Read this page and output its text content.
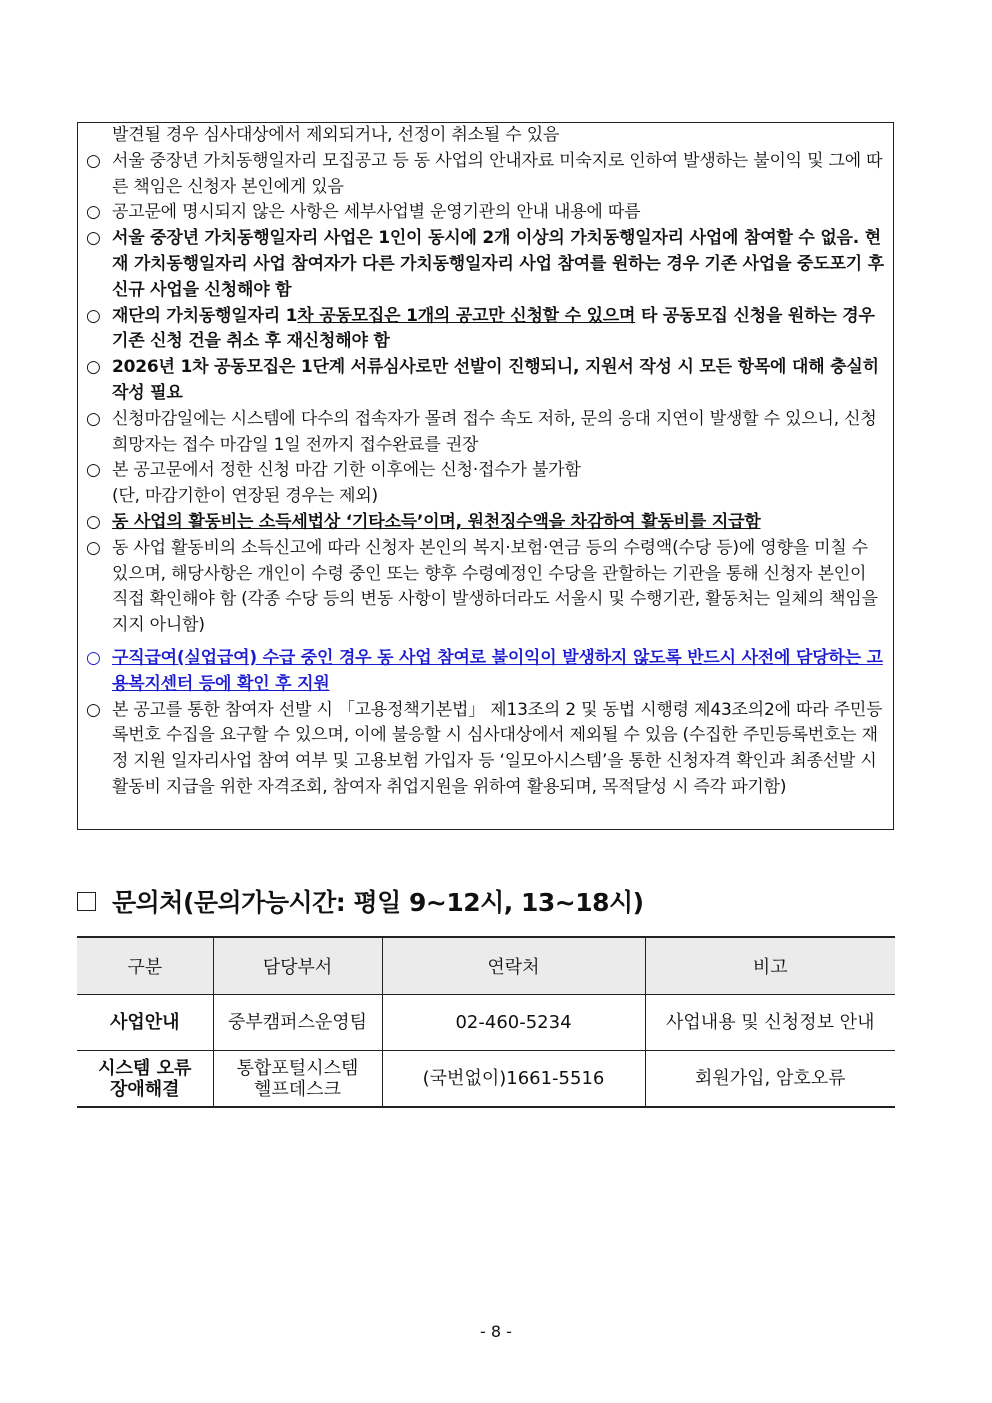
발견될 경우 심사대상에서 제외되거나, 선정이 취소될 수 있음

○ 서울 중장년 가치동행일자리 모집공고 등 동 사업의 안내자료 미숙지로 인하여 발생하는 불이익 및 그에 따른 책임은 신청자 본인에게 있음

○ 공고문에 명시되지 않은 사항은 세부사업별 운영기관의 안내 내용에 따름

○ 서울 중장년 가치동행일자리 사업은 1인이 동시에 2개 이상의 가치동행일자리 사업에 참여할 수 없음. 현재 가치동행일자리 사업 참여자가 다른 가치동행일자리 사업 참여를 원하는 경우 기존 사업을 중도포기 후 신규 사업을 신청해야 함

○ 재단의 가치동행일자리 1차 공동모집은 1개의 공고만 신청할 수 있으며 타 공동모집 신청을 원하는 경우 기존 신청 건을 취소 후 재신청해야 함

○ 2026년 1차 공동모집은 1단계 서류심사로만 선발이 진행되니, 지원서 작성 시 모든 항목에 대해 충실히 작성 필요

○ 신청마감일에는 시스템에 다수의 접속자가 몰려 접수 속도 저하, 문의 응대 지연이 발생할 수 있으니, 신청희망자는 접수 마감일 1일 전까지 접수완료를 권장

○ 본 공고문에서 정한 신청 마감 기한 이후에는 신청·접수가 불가함

(단, 마감기한이 연장된 경우는 제외)

○ 동 사업의 활동비는 소득세법상 ‘기타소득’이며, 원천징수액을 차감하여 활동비를 지급함

○ 동 사업 활동비의 소득신고에 따라 신청자 본인의 복지·보험·연금 등의 수령액(수당 등)에 영향을 미칠 수 있으며, 해당사항은 개인이 수령 중인 또는 향후 수령예정인 수당을 관할하는 기관을 통해 신청자 본인이 직접 확인해야 함 (각종 수당 등의 변동 사항이 발생하더라도 서울시 및 수행기관, 활동처는 일체의 책임을 지지 아니함)

○ 구직급여(실업급여) 수급 중인 경우 동 사업 참여로 불이익이 발생하지 않도록 반드시 사전에 담당하는 고용복지센터 등에 확인 후 지원

○ 본 공고를 통한 참여자 선발 시 「고용정책기본법」 제13조의 2 및 동법 시행령 제43조의2에 따라 주민등록번호 수집을 요구할 수 있으며, 이에 불응할 시 심사대상에서 제외될 수 있음 (수집한 주민등록번호는 재정 지원 일자리사업 참여 여부 및 고용보험 가입자 등 ‘일모아시스템’을 통한 신청자격 확인과 최종선발 시 활동비 지급을 위한 자격조회, 참여자 취업지원을 위하여 활용되며, 목적달성 시 즉각 파기함)

문의처(문의가능시간: 평일 9~12시, 13~18시)
구분	담당부서	연락처	비고
사업안내	중부캠퍼스운영팀	02-460-5234	사업내용 및 신청정보 안내
시스템 오류 장애해결	통합포털시스템 헬프데스크	(국번없이)1661-5516	회원가입, 암호오류
- 8 -
